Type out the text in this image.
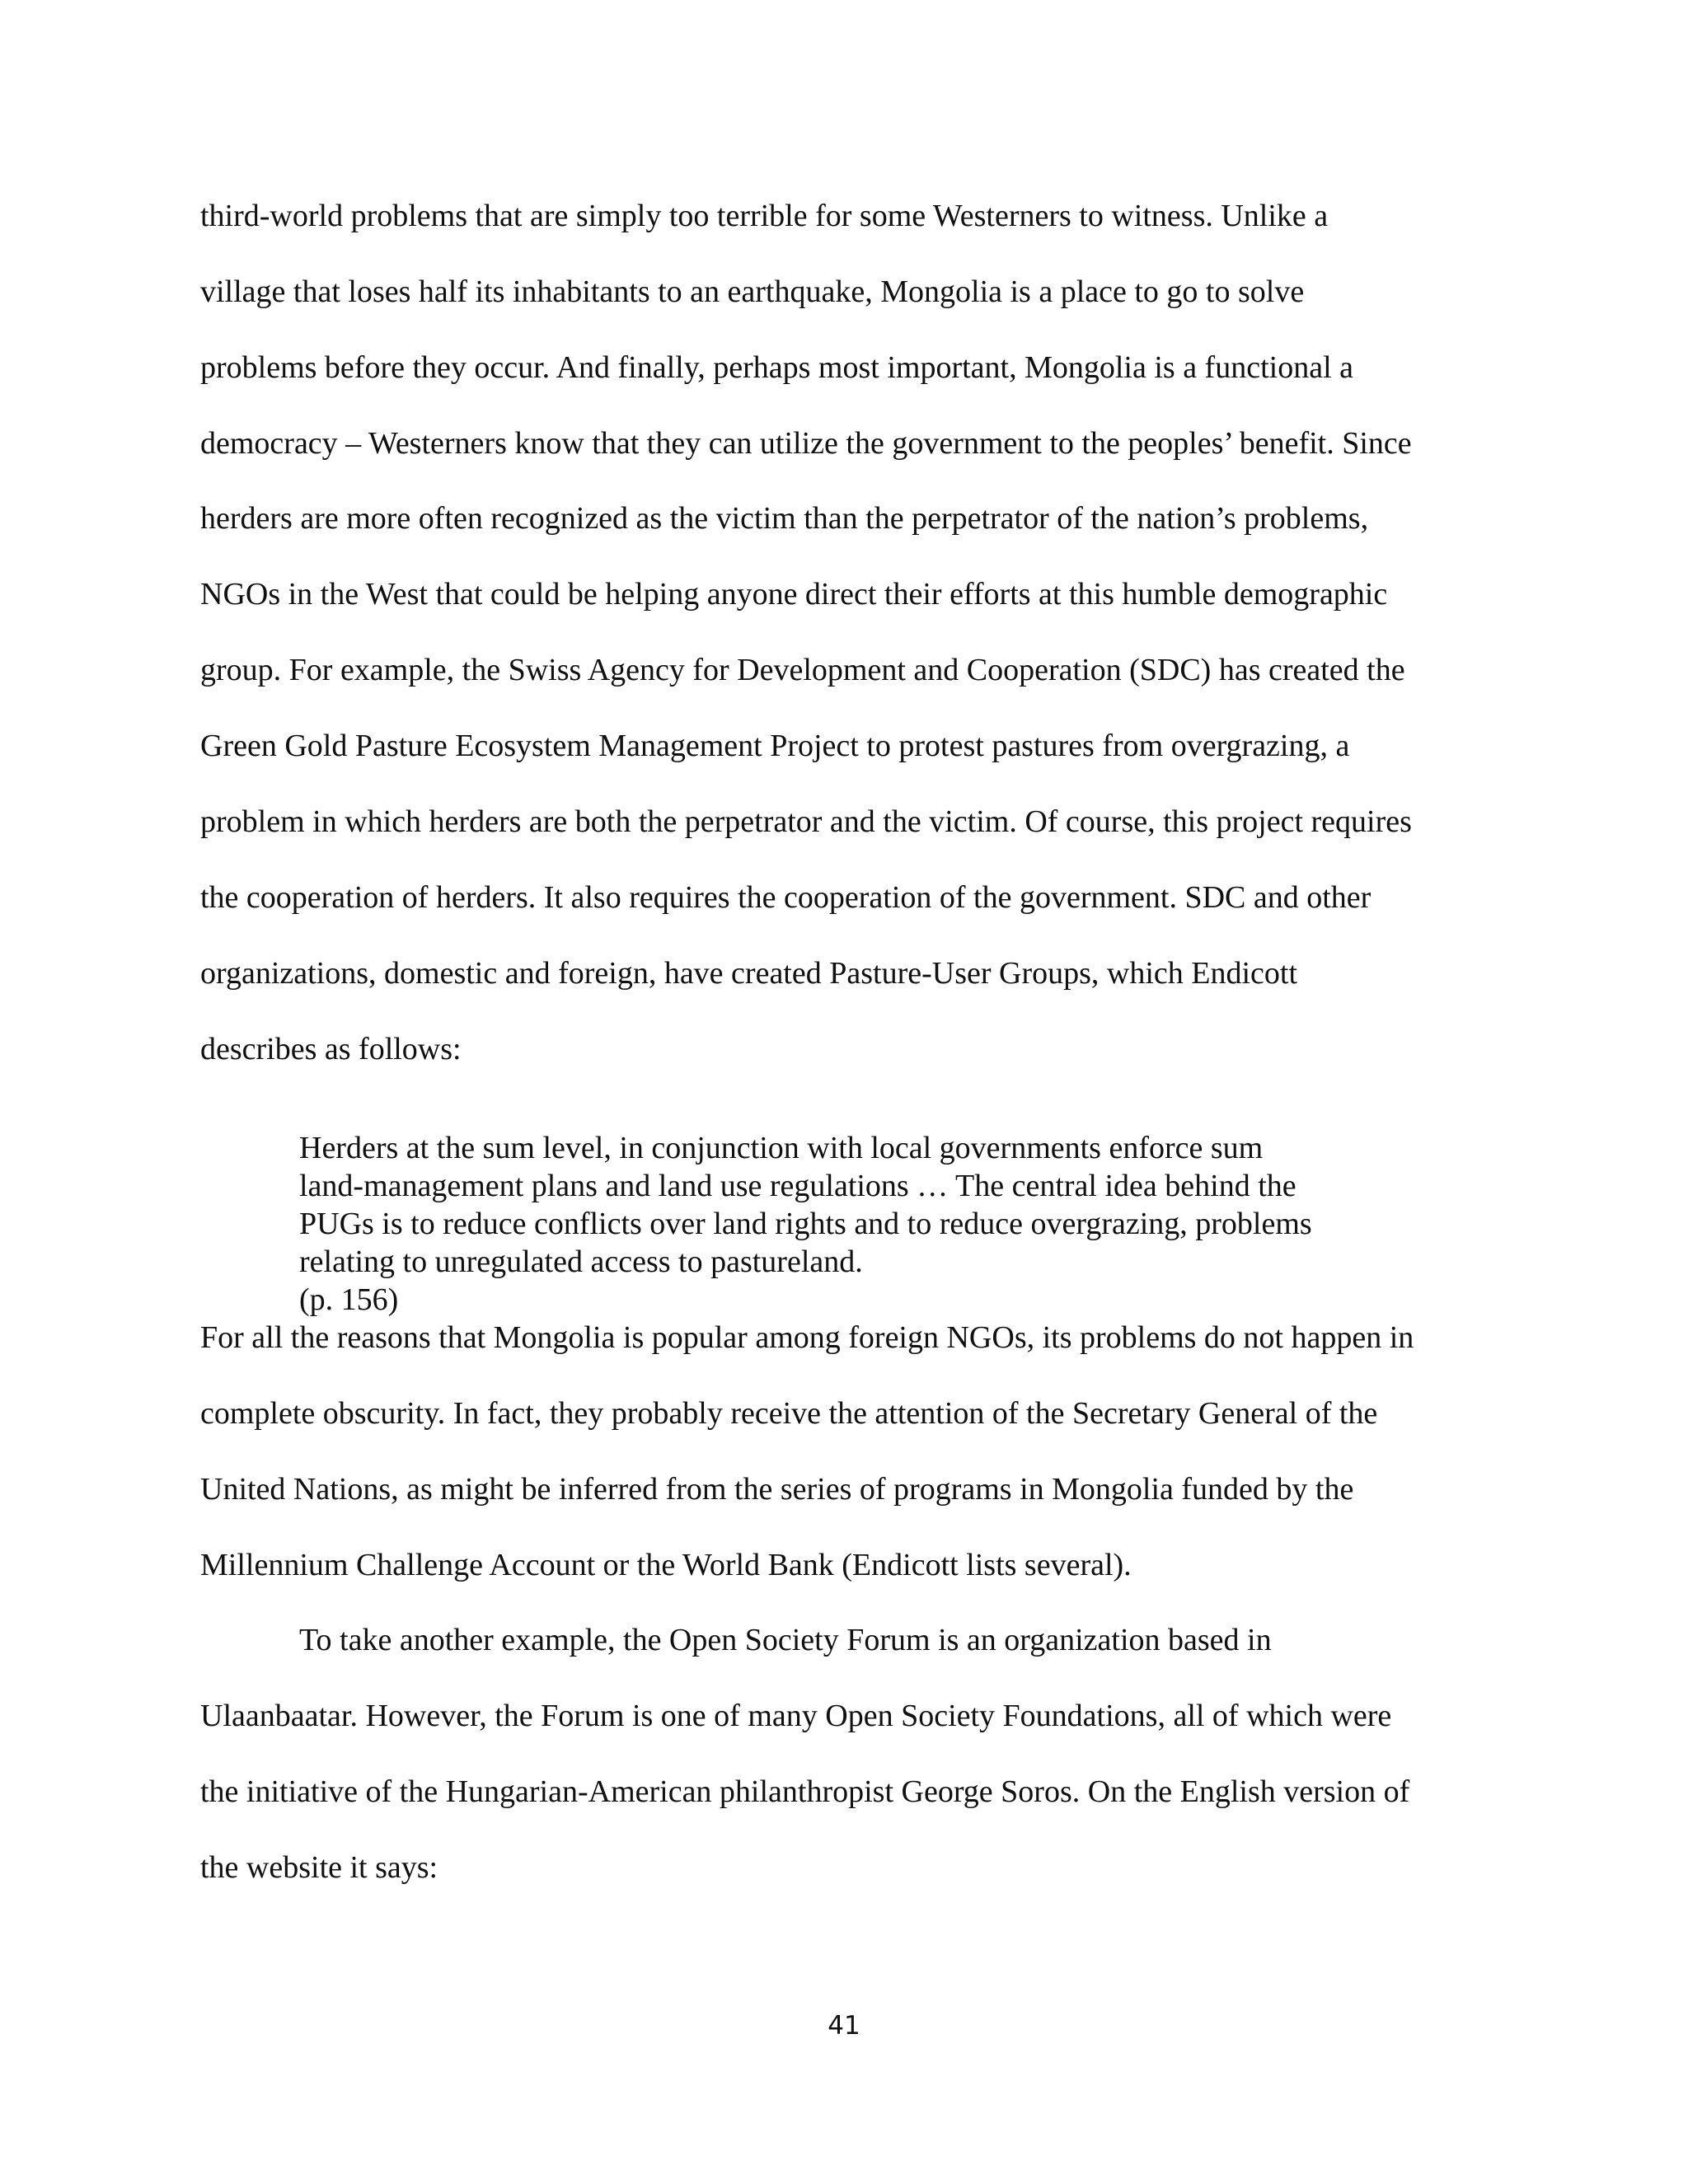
third-world problems that are simply too terrible for some Westerners to witness. Unlike a
village that loses half its inhabitants to an earthquake, Mongolia is a place to go to solve
problems before they occur. And finally, perhaps most important, Mongolia is a functional a
democracy – Westerners know that they can utilize the government to the peoples’ benefit. Since
herders are more often recognized as the victim than the perpetrator of the nation’s problems,
NGOs in the West that could be helping anyone direct their efforts at this humble demographic
group. For example, the Swiss Agency for Development and Cooperation (SDC) has created the
Green Gold Pasture Ecosystem Management Project to protest pastures from overgrazing, a
problem in which herders are both the perpetrator and the victim. Of course, this project requires
the cooperation of herders. It also requires the cooperation of the government. SDC and other
organizations, domestic and foreign, have created Pasture-User Groups, which Endicott
describes as follows:
Herders at the sum level, in conjunction with local governments enforce sum
land-management plans and land use regulations … The central idea behind the
PUGs is to reduce conflicts over land rights and to reduce overgrazing, problems
relating to unregulated access to pastureland.
(p. 156)
For all the reasons that Mongolia is popular among foreign NGOs, its problems do not happen in
complete obscurity. In fact, they probably receive the attention of the Secretary General of the
United Nations, as might be inferred from the series of programs in Mongolia funded by the
Millennium Challenge Account or the World Bank (Endicott lists several).
To take another example, the Open Society Forum is an organization based in
Ulaanbaatar. However, the Forum is one of many Open Society Foundations, all of which were
the initiative of the Hungarian-American philanthropist George Soros. On the English version of
the website it says:
41
